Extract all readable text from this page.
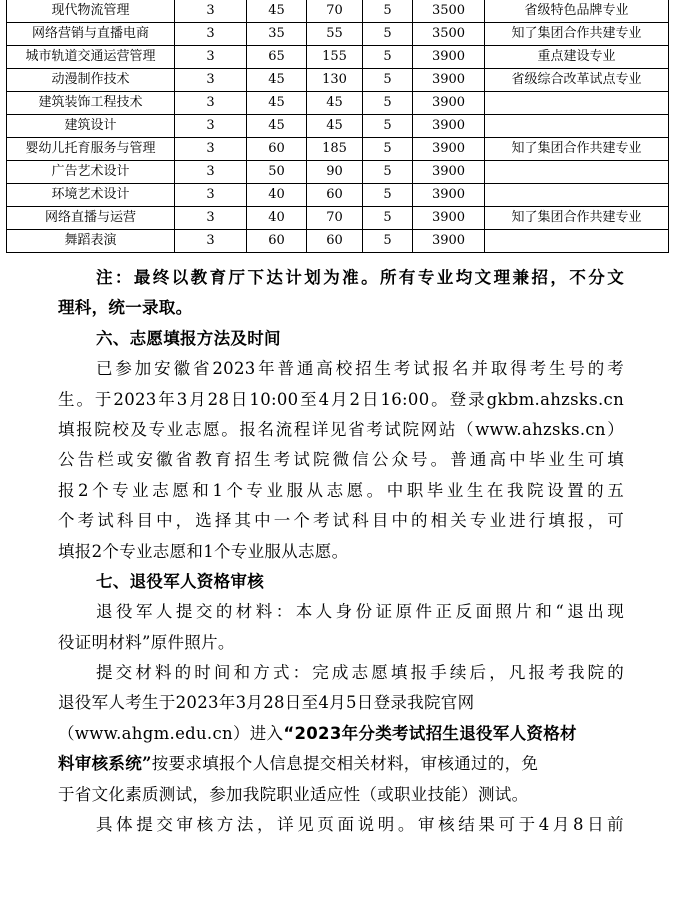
现代物流管理	3	45	70	5	3500	省级特色品牌专业
网络营销与直播电商	3	35	55	5	3500	知了集团合作共建专业
城市轨道交通运营管理	3	65	155	5	3900	重点建设专业
动漫制作技术	3	45	130	5	3900	省级综合改革试点专业
建筑装饰工程技术	3	45	45	5	3900	
建筑设计	3	45	45	5	3900	
婴幼儿托育服务与管理	3	60	185	5	3900	知了集团合作共建专业
广告艺术设计	3	50	90	5	3900	
环境艺术设计	3	40	60	5	3900	
网络直播与运营	3	40	70	5	3900	知了集团合作共建专业
舞蹈表演	3	60	60	5	3900	
注：最终以教育厅下达计划为准。所有专业均文理兼招，不分文
理科，统一录取。
六、志愿填报方法及时间
已参加安徽省2023年普通高校招生考试报名并取得考生号的考
生。于2023年3月28日10:00至4月2日16:00。登录gkbm.ahzsks.cn
填报院校及专业志愿。报名流程详见省考试院网站（www.ahzsks.cn）
公告栏或安徽省教育招生考试院微信公众号。普通高中毕业生可填
报2个专业志愿和1个专业服从志愿。中职毕业生在我院设置的五
个考试科目中，选择其中一个考试科目中的相关专业进行填报，可
填报2个专业志愿和1个专业服从志愿。
七、退役军人资格审核
退役军人提交的材料：本人身份证原件正反面照片和“退出现
役证明材料”原件照片。
提交材料的时间和方式：完成志愿填报手续后，凡报考我院的
退役军人考生于2023年3月28日至4月5日登录我院官网
（www.ahgm.edu.cn）进入“2023年分类考试招生退役军人资格材
料审核系统”按要求填报个人信息提交相关材料，审核通过的，免
于省文化素质测试，参加我院职业适应性（或职业技能）测试。
具体提交审核方法，详见页面说明。审核结果可于4月8日前
